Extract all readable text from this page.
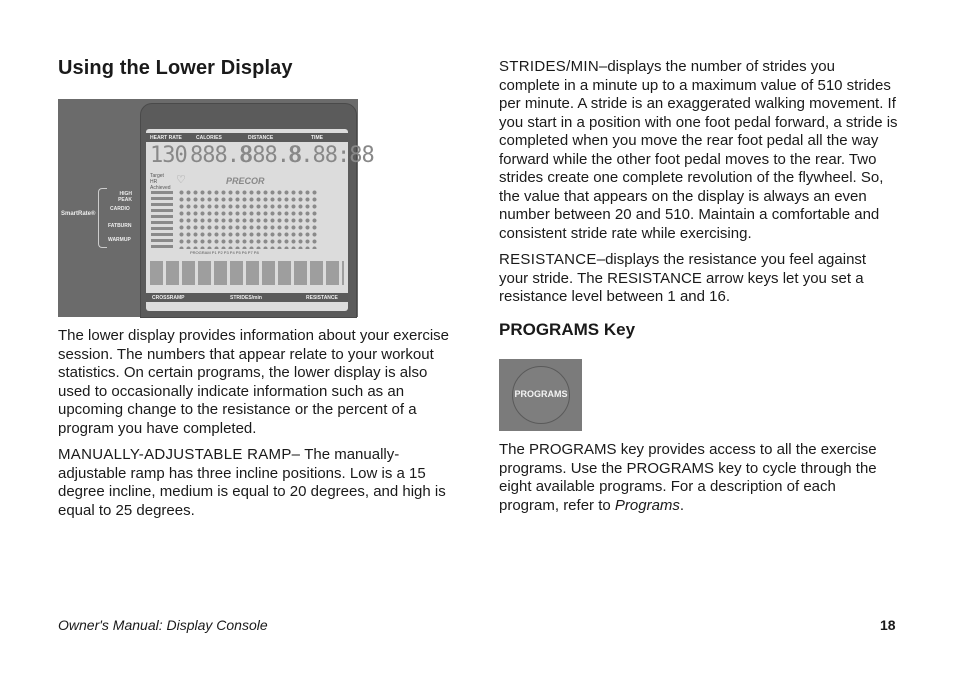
Using the Lower Display
SmartRate®
HIGH PEAK
CARDIO
FATBURN
WARMUP
HEART RATE	CALORIES	DISTANCE	TIME
130 888.8
888.8
8.88:88
Target HR Achieved
♡	PRECOR
PROGRAM P1 P2 P3 P4 P5 P6 P7 P8
CROSSRAMP	STRIDES/min	RESISTANCE

The lower display provides information about your exercise session. The numbers that appear relate to your workout statistics. On certain programs, the lower display is also used to occasionally indicate information such as an upcoming change to the resistance or the percent of a program you have completed.

MANUALLY-ADJUSTABLE RAMP– The manually-adjustable ramp has three incline positions. Low is a 15 degree incline, medium is equal to 20 degrees, and high is equal to 25 degrees.

STRIDES/MIN–displays the number of strides you complete in a minute up to a maximum value of 510 strides per minute. A stride is an exaggerated walking movement. If you start in a position with one foot pedal forward, a stride is completed when you move the rear foot pedal all the way forward while the other foot pedal moves to the rear. Two strides create one complete revolution of the flywheel. So, the value that appears on the display is always an even number between 20 and 510. Maintain a comfortable and consistent stride rate while exercising.

RESISTANCE–displays the resistance you feel against your stride. The RESISTANCE arrow keys let you set a resistance level between 1 and 16.

PROGRAMS Key
PROGRAMS

The PROGRAMS key provides access to all the exercise programs. Use the PROGRAMS key to cycle through the eight available programs. For a description of each program, refer to Programs.

Owner's Manual: Display Console	18
